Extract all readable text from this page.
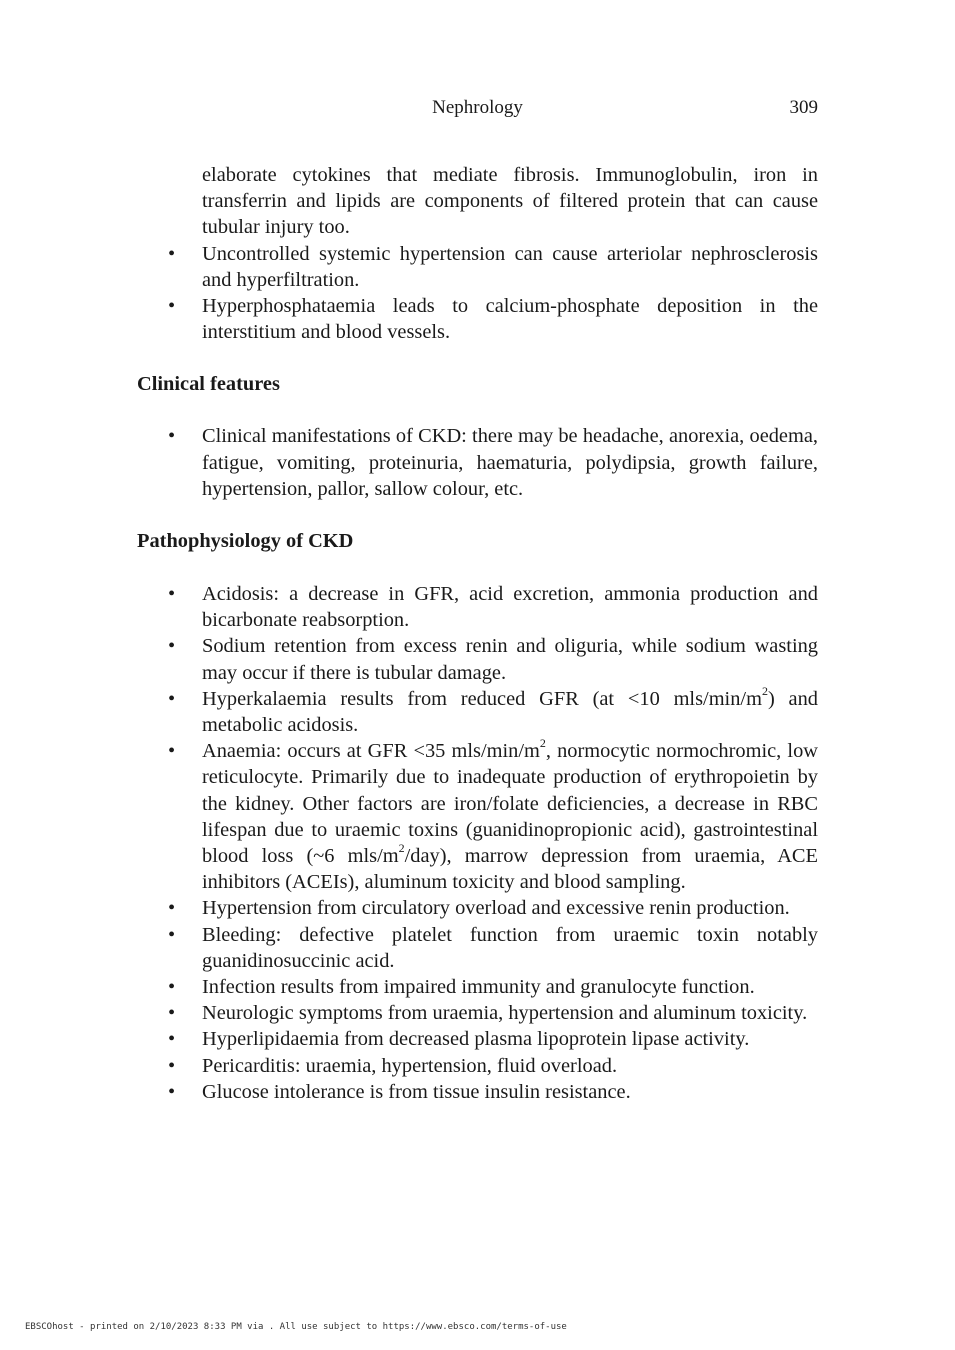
Nephrology	309

elaborate cytokines that mediate fibrosis. Immunoglobulin, iron in transferrin and lipids are components of filtered protein that can cause tubular injury too.

• Uncontrolled systemic hypertension can cause arteriolar nephrosclerosis and hyperfiltration.
• Hyperphosphataemia leads to calcium-phosphate deposition in the interstitium and blood vessels.
Clinical features
• Clinical manifestations of CKD: there may be headache, anorexia, oedema, fatigue, vomiting, proteinuria, haematuria, polydipsia, growth failure, hypertension, pallor, sallow colour, etc.
Pathophysiology of CKD
• Acidosis: a decrease in GFR, acid excretion, ammonia production and bicarbonate reabsorption.
• Sodium retention from excess renin and oliguria, while sodium wasting may occur if there is tubular damage.
• Hyperkalaemia results from reduced GFR (at <10 mls/$\min/m^2$) and metabolic acidosis.
• Anaemia: occurs at GFR <35 mls/$\min/m^2$, normocytic normochromic, low reticulocyte. Primarily due to inadequate production of erythropoietin by the kidney. Other factors are iron/folate deficiencies, a decrease in RBC lifespan due to uraemic toxins (guanidinopropionic acid), gastrointestinal blood loss (~6 mls/$m^2/day$), marrow depression from uraemia, ACE inhibitors (ACEIs), aluminum toxicity and blood sampling.
• Hypertension from circulatory overload and excessive renin production.
• Bleeding: defective platelet function from uraemic toxin notably guanidinosuccinic acid.
• Infection results from impaired immunity and granulocyte function.
• Neurologic symptoms from uraemia, hypertension and aluminum toxicity.
• Hyperlipidaemia from decreased plasma lipoprotein lipase activity.
• Pericarditis: uraemia, hypertension, fluid overload.
• Glucose intolerance is from tissue insulin resistance.
EBSCOhost - printed on 2/10/2023 8:33 PM via . All use subject to https://www.ebsco.com/terms-of-use
